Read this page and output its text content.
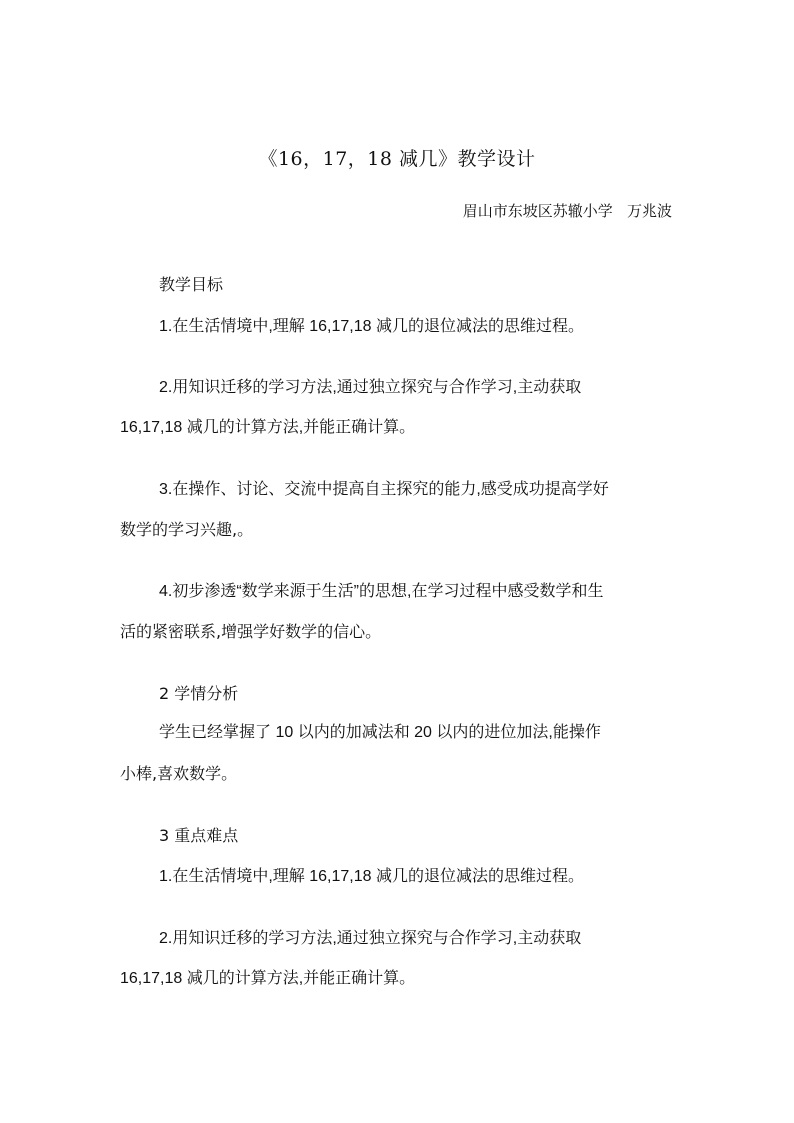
《16，17，18 减几》教学设计
眉山市东坡区苏辙小学   万兆波
教学目标
1.在生活情境中,理解 16,17,18 减几的退位减法的思维过程。
2.用知识迁移的学习方法,通过独立探究与合作学习,主动获取
16,17,18 减几的计算方法,并能正确计算。
3.在操作、讨论、交流中提高自主探究的能力,感受成功提高学好
数学的学习兴趣,。
4.初步渗透“数学来源于生活”的思想,在学习过程中感受数学和生
活的紧密联系,增强学好数学的信心。
2 学情分析
学生已经掌握了 10 以内的加减法和 20 以内的进位加法,能操作
小棒,喜欢数学。
3 重点难点
1.在生活情境中,理解 16,17,18 减几的退位减法的思维过程。
2.用知识迁移的学习方法,通过独立探究与合作学习,主动获取
16,17,18 减几的计算方法,并能正确计算。
